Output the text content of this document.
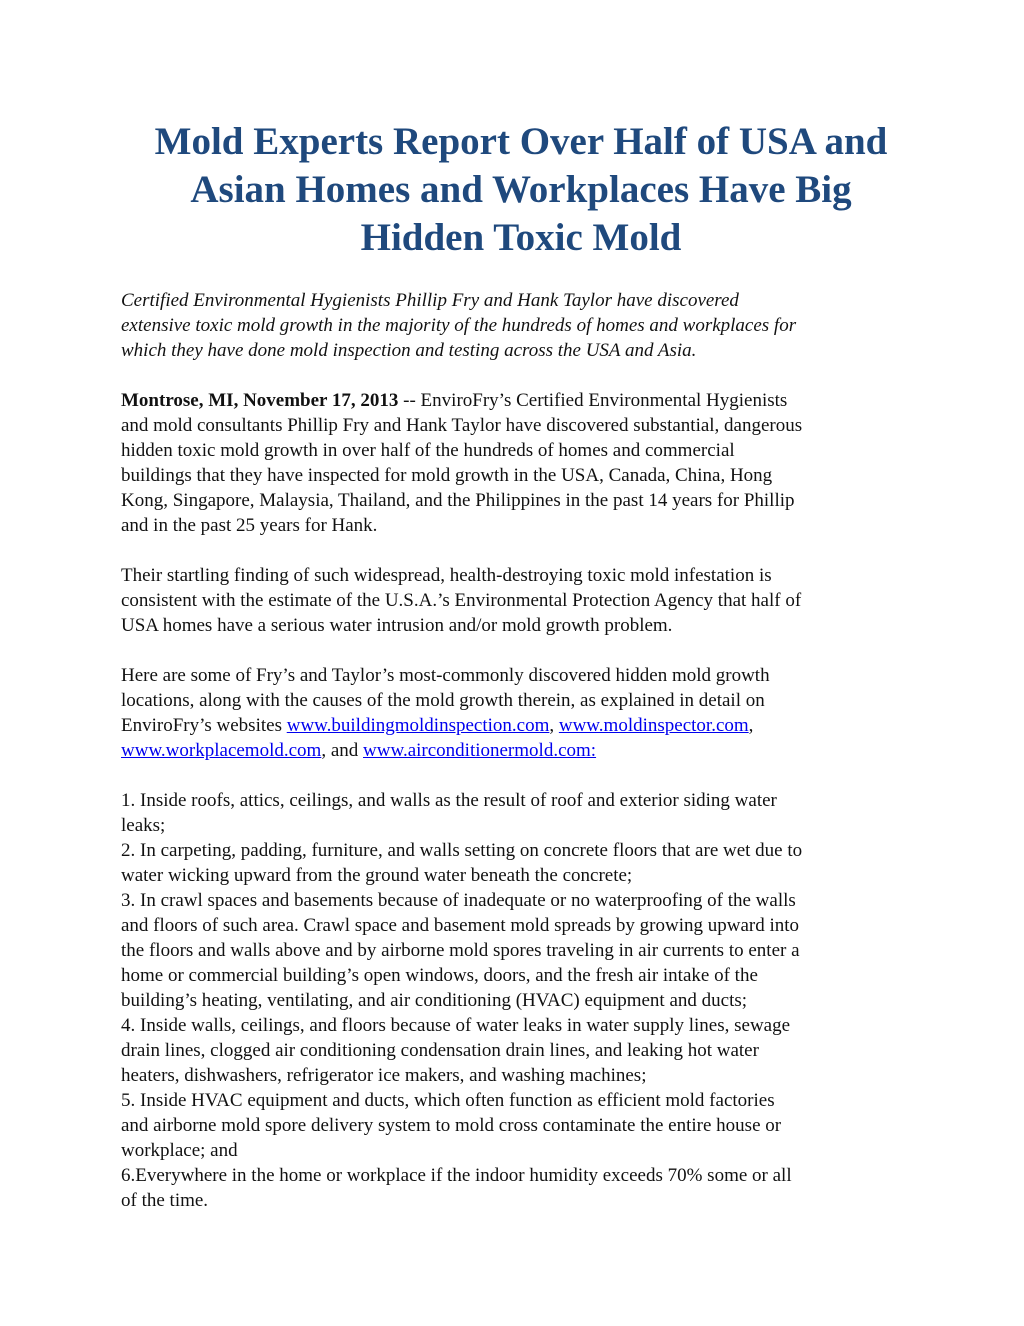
Mold Experts Report Over Half of USA and
Asian Homes and Workplaces Have Big
Hidden Toxic Mold

Certified Environmental Hygienists Phillip Fry and Hank Taylor have discovered
extensive toxic mold growth in the majority of the hundreds of homes and workplaces for
which they have done mold inspection and testing across the USA and Asia.

Montrose, MI, November 17, 2013 -- EnviroFry’s Certified Environmental Hygienists
and mold consultants Phillip Fry and Hank Taylor have discovered substantial, dangerous
hidden toxic mold growth in over half of the hundreds of homes and commercial
buildings that they have inspected for mold growth in the USA, Canada, China, Hong
Kong, Singapore, Malaysia, Thailand, and the Philippines in the past 14 years for Phillip
and in the past 25 years for Hank.

Their startling finding of such widespread, health-destroying toxic mold infestation is
consistent with the estimate of the U.S.A.’s Environmental Protection Agency that half of
USA homes have a serious water intrusion and/or mold growth problem.

Here are some of Fry’s and Taylor’s most-commonly discovered hidden mold growth
locations, along with the causes of the mold growth therein, as explained in detail on
EnviroFry’s websites www.buildingmoldinspection.com, www.moldinspector.com,
www.workplacemold.com, and www.airconditionermold.com:

1. Inside roofs, attics, ceilings, and walls as the result of roof and exterior siding water
leaks;
2. In carpeting, padding, furniture, and walls setting on concrete floors that are wet due to
water wicking upward from the ground water beneath the concrete;
3. In crawl spaces and basements because of inadequate or no waterproofing of the walls
and floors of such area. Crawl space and basement mold spreads by growing upward into
the floors and walls above and by airborne mold spores traveling in air currents to enter a
home or commercial building’s open windows, doors, and the fresh air intake of the
building’s heating, ventilating, and air conditioning (HVAC) equipment and ducts;
4. Inside walls, ceilings, and floors because of water leaks in water supply lines, sewage
drain lines, clogged air conditioning condensation drain lines, and leaking hot water
heaters, dishwashers, refrigerator ice makers, and washing machines;
5. Inside HVAC equipment and ducts, which often function as efficient mold factories
and airborne mold spore delivery system to mold cross contaminate the entire house or
workplace; and
6.Everywhere in the home or workplace if the indoor humidity exceeds 70% some or all
of the time.
